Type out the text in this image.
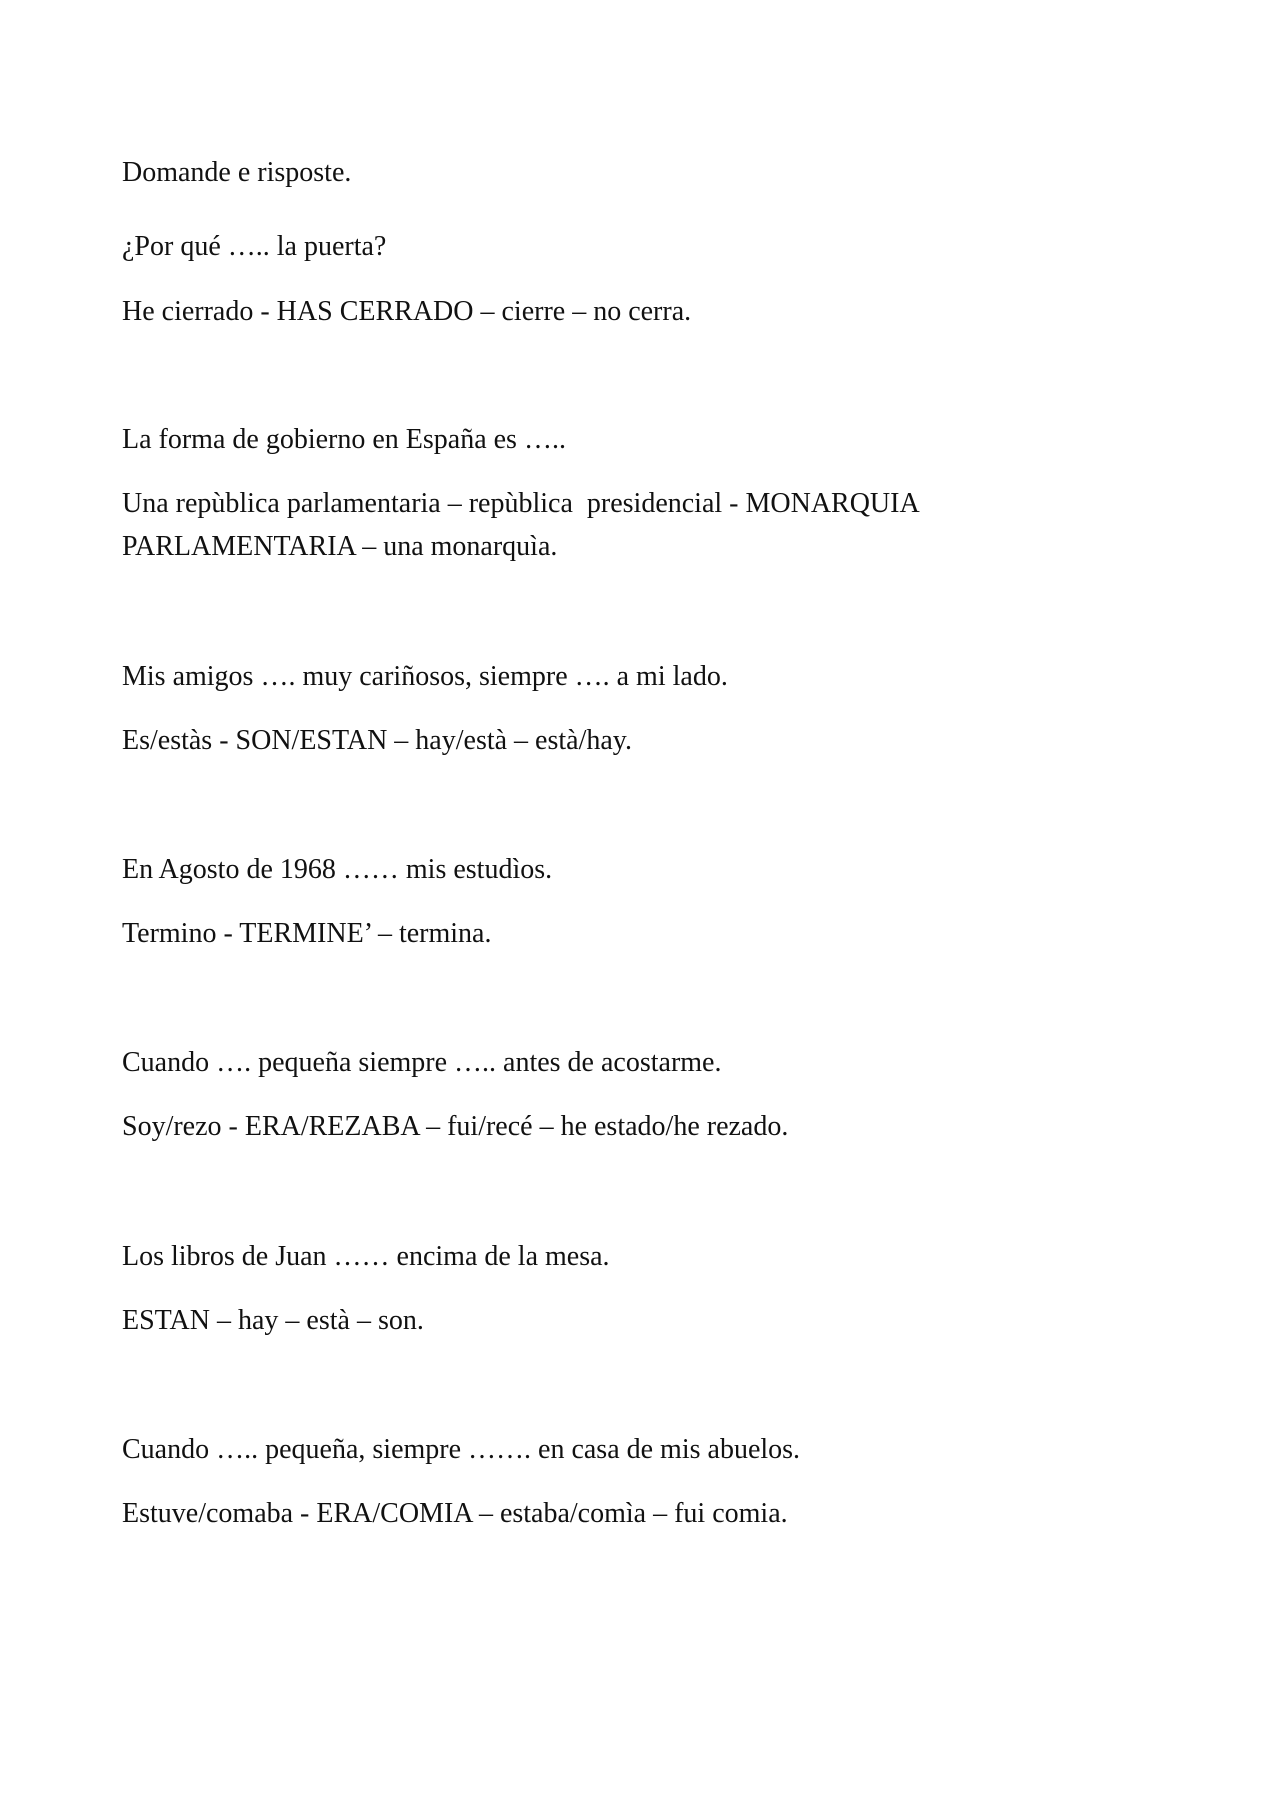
Domande e risposte.

¿Por qué ….. la puerta?

He cierrado - HAS CERRADO – cierre – no cerra.

La forma de gobierno en España es …..

Una repùblica parlamentaria – repùblica  presidencial - MONARQUIA

PARLAMENTARIA – una monarquìa.

Mis amigos …. muy cariñosos, siempre …. a mi lado.

Es/estàs - SON/ESTAN – hay/està – està/hay.

En Agosto de 1968 …… mis estudìos.

Termino - TERMINE’ – termina.

Cuando …. pequeña siempre ….. antes de acostarme.

Soy/rezo - ERA/REZABA – fui/recé – he estado/he rezado.

Los libros de Juan …… encima de la mesa.

ESTAN – hay – està – son.

Cuando ….. pequeña, siempre ……. en casa de mis abuelos.

Estuve/comaba - ERA/COMIA – estaba/comìa – fui comia.
